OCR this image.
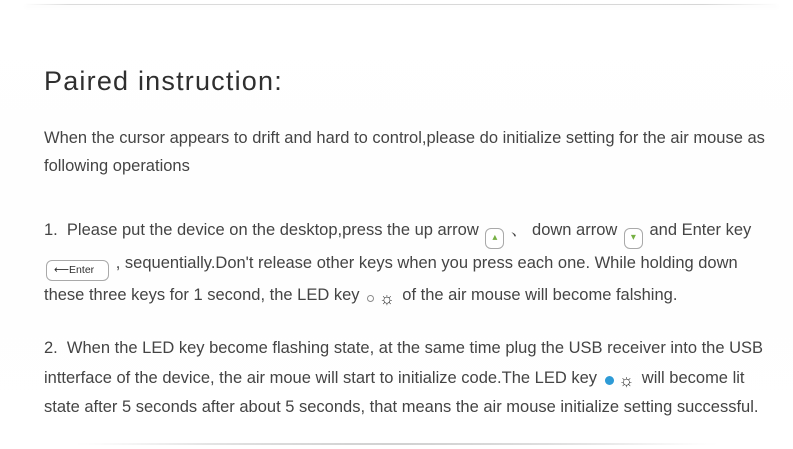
Paired instruction:

When the cursor appears to drift and hard to control,please do initialize setting for the air mouse as following operations

1.  Please put the device on the desktop,press the up arrow ▴ 、 down arrow ▾ and Enter key
⟵Enter , sequentially.Don't release other keys when you press each one. While holding down these three keys for 1 second, the LED key ☼ of the air mouse will become falshing.

2.  When the LED key become flashing state, at the same time plug the USB receiver into the USB intterface of the device, the air moue will start to initialize code.The LED key ☼ will become lit state after 5 seconds after about 5 seconds, that means the air mouse initialize setting successful.
